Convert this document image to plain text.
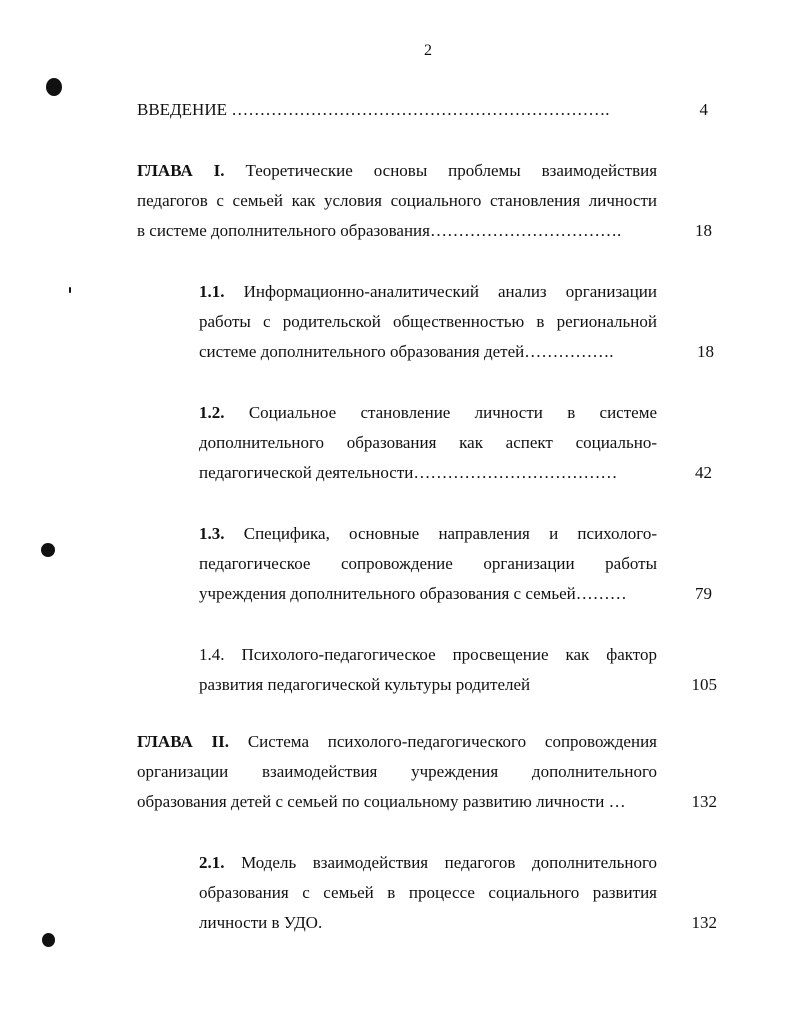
2
ВВЕДЕНИЕ ………………………………………………………….	4
ГЛАВА I. Теоретические основы проблемы взаимодействия
педагогов с семьей как условия социального становления личности
в системе дополнительного образования…………………………….	18
1.1. Информационно-аналитический анализ организации
работы с родительской общественностью в региональной
системе дополнительного образования детей…………….	18
1.2. Социальное становление личности в системе
дополнительного образования как аспект социально-
педагогической деятельности………………………………	42
1.3. Специфика, основные направления и психолого-
педагогическое сопровождение организации работы
учреждения дополнительного образования с семьей………	79
1.4. Психолого-педагогическое просвещение как фактор
развития педагогической культуры родителей	105
ГЛАВА II. Система психолого-педагогического сопровождения
организации взаимодействия учреждения дополнительного
образования детей с семьей по социальному развитию личности …	132
2.1. Модель взаимодействия педагогов дополнительного
образования с семьей в процессе социального развития
личности в УДО.	132
